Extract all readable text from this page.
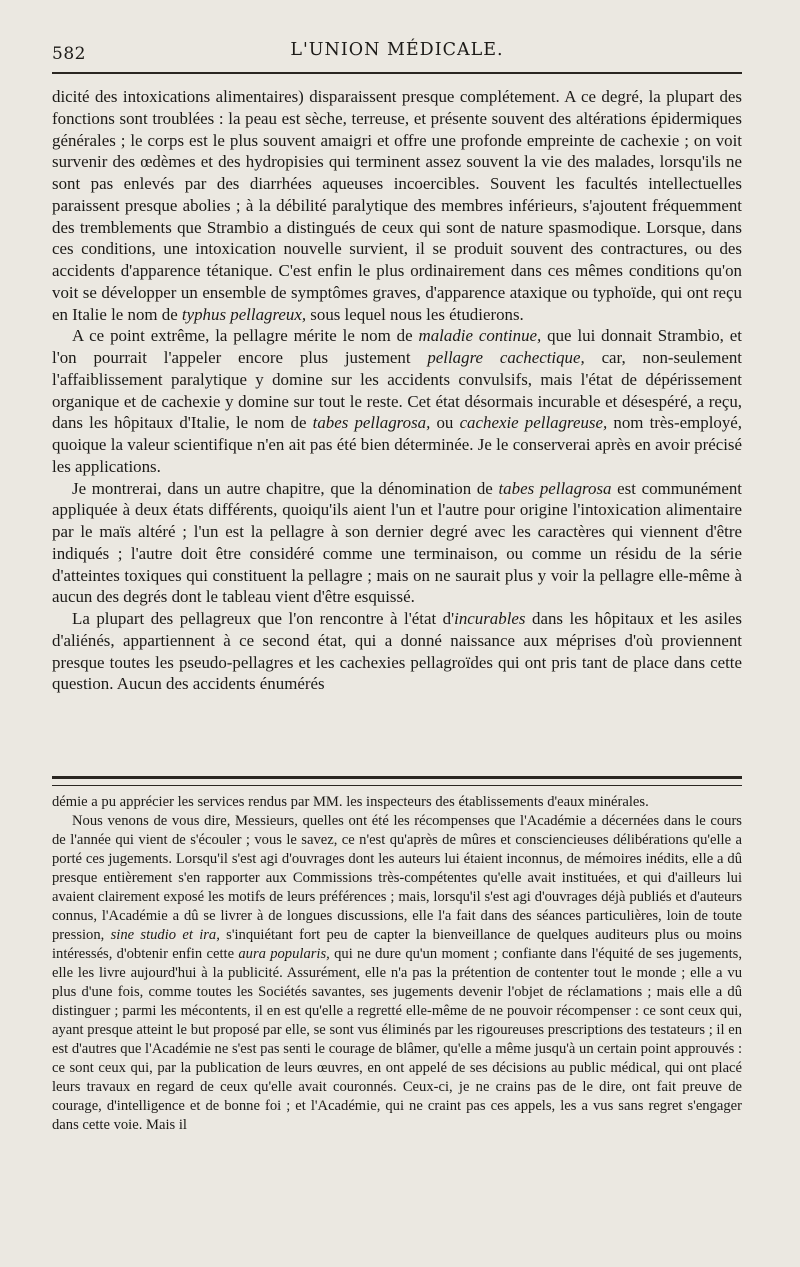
582	L'UNION MÉDICALE.

dicité des intoxications alimentaires) disparaissent presque complétement. A ce degré, la plupart des fonctions sont troublées : la peau est sèche, terreuse, et présente souvent des altérations épidermiques générales ; le corps est le plus souvent amaigri et offre une profonde empreinte de cachexie ; on voit survenir des œdèmes et des hydropisies qui terminent assez souvent la vie des malades, lorsqu'ils ne sont pas enlevés par des diarrhées aqueuses incoercibles. Souvent les facultés intellectuelles paraissent presque abolies ; à la débilité paralytique des membres inférieurs, s'ajoutent fréquemment des tremblements que Strambio a distingués de ceux qui sont de nature spasmodique. Lorsque, dans ces conditions, une intoxication nouvelle survient, il se produit souvent des contractures, ou des accidents d'apparence tétanique. C'est enfin le plus ordinairement dans ces mêmes conditions qu'on voit se développer un ensemble de symptômes graves, d'apparence ataxique ou typhoïde, qui ont reçu en Italie le nom de typhus pellagreux, sous lequel nous les étudierons.

A ce point extrême, la pellagre mérite le nom de maladie continue, que lui donnait Strambio, et l'on pourrait l'appeler encore plus justement pellagre cachectique, car, non-seulement l'affaiblissement paralytique y domine sur les accidents convulsifs, mais l'état de dépérissement organique et de cachexie y domine sur tout le reste. Cet état désormais incurable et désespéré, a reçu, dans les hôpitaux d'Italie, le nom de tabes pellagrosa, ou cachexie pellagreuse, nom très-employé, quoique la valeur scientifique n'en ait pas été bien déterminée. Je le conserverai après en avoir précisé les applications.

Je montrerai, dans un autre chapitre, que la dénomination de tabes pellagrosa est communément appliquée à deux états différents, quoiqu'ils aient l'un et l'autre pour origine l'intoxication alimentaire par le maïs altéré ; l'un est la pellagre à son dernier degré avec les caractères qui viennent d'être indiqués ; l'autre doit être considéré comme une terminaison, ou comme un résidu de la série d'atteintes toxiques qui constituent la pellagre ; mais on ne saurait plus y voir la pellagre elle-même à aucun des degrés dont le tableau vient d'être esquissé.

La plupart des pellagreux que l'on rencontre à l'état d'incurables dans les hôpitaux et les asiles d'aliénés, appartiennent à ce second état, qui a donné naissance aux méprises d'où proviennent presque toutes les pseudo-pellagres et les cachexies pellagroïdes qui ont pris tant de place dans cette question. Aucun des accidents énumérés

démie a pu apprécier les services rendus par MM. les inspecteurs des établissements d'eaux minérales.

Nous venons de vous dire, Messieurs, quelles ont été les récompenses que l'Académie a décernées dans le cours de l'année qui vient de s'écouler ; vous le savez, ce n'est qu'après de mûres et consciencieuses délibérations qu'elle a porté ces jugements. Lorsqu'il s'est agi d'ouvrages dont les auteurs lui étaient inconnus, de mémoires inédits, elle a dû presque entièrement s'en rapporter aux Commissions très-compétentes qu'elle avait instituées, et qui d'ailleurs lui avaient clairement exposé les motifs de leurs préférences ; mais, lorsqu'il s'est agi d'ouvrages déjà publiés et d'auteurs connus, l'Académie a dû se livrer à de longues discussions, elle l'a fait dans des séances particulières, loin de toute pression, sine studio et ira, s'inquiétant fort peu de capter la bienveillance de quelques auditeurs plus ou moins intéressés, d'obtenir enfin cette aura popularis, qui ne dure qu'un moment ; confiante dans l'équité de ses jugements, elle les livre aujourd'hui à la publicité. Assurément, elle n'a pas la prétention de contenter tout le monde ; elle a vu plus d'une fois, comme toutes les Sociétés savantes, ses jugements devenir l'objet de réclamations ; mais elle a dû distinguer ; parmi les mécontents, il en est qu'elle a regretté elle-même de ne pouvoir récompenser : ce sont ceux qui, ayant presque atteint le but proposé par elle, se sont vus éliminés par les rigoureuses prescriptions des testateurs ; il en est d'autres que l'Académie ne s'est pas senti le courage de blâmer, qu'elle a même jusqu'à un certain point approuvés : ce sont ceux qui, par la publication de leurs œuvres, en ont appelé de ses décisions au public médical, qui ont placé leurs travaux en regard de ceux qu'elle avait couronnés. Ceux-ci, je ne crains pas de le dire, ont fait preuve de courage, d'intelligence et de bonne foi ; et l'Académie, qui ne craint pas ces appels, les a vus sans regret s'engager dans cette voie. Mais il
